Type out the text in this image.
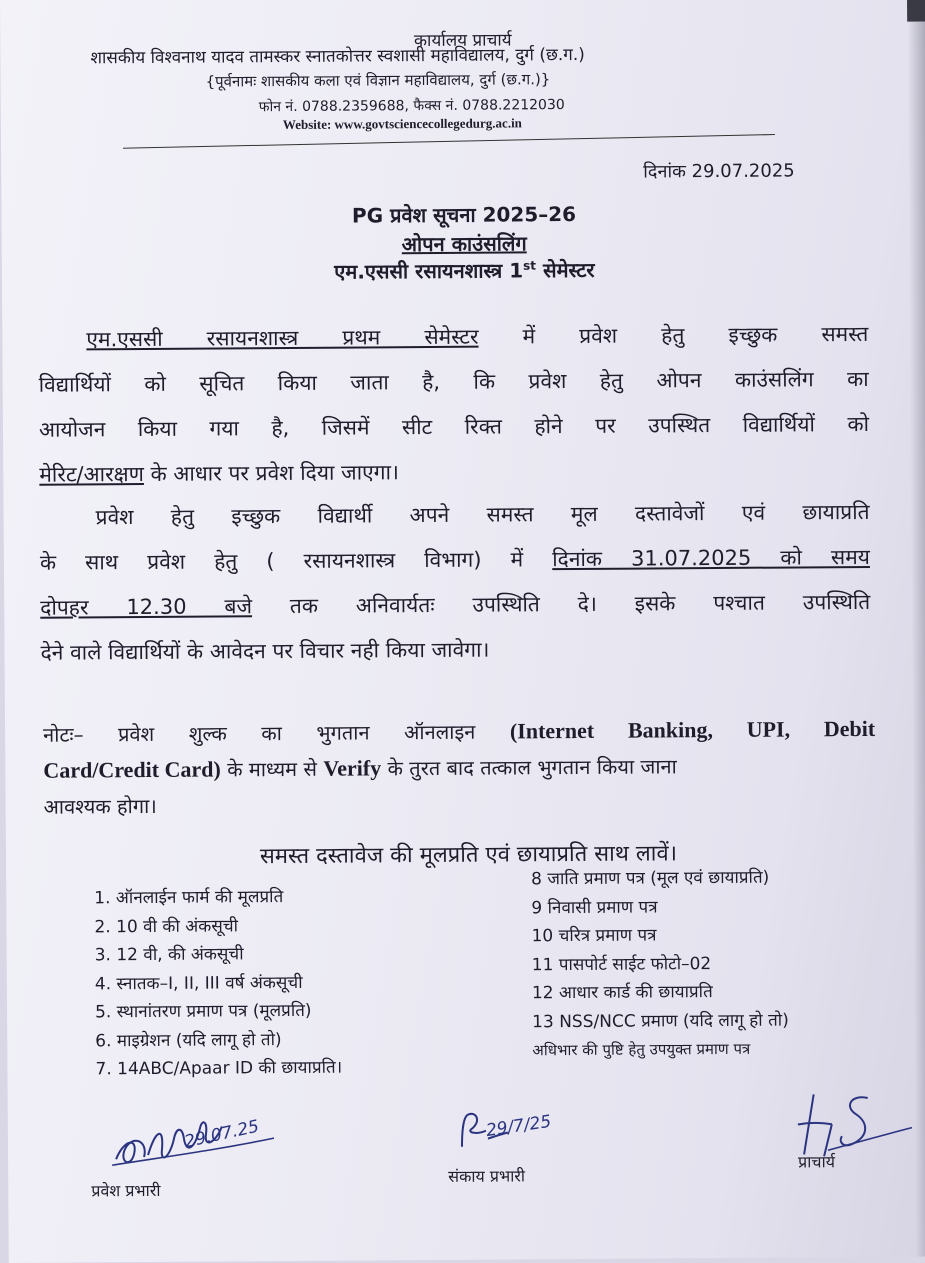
कार्यालय प्राचार्य
शासकीय विश्वनाथ यादव तामस्कर स्नातकोत्तर स्वशासी महाविद्यालय, दुर्ग (छ.ग.)
{पूर्वनामः शासकीय कला एवं विज्ञान महाविद्यालय, दुर्ग (छ.ग.)}
फोन नं. 0788.2359688, फैक्स नं. 0788.2212030
Website: www.govtsciencecollegedurg.ac.in
दिनांक 29.07.2025
PG प्रवेश सूचना 2025–26
ओपन काउंसलिंग
एम.एससी रसायनशास्त्र 1st सेमेस्टर
एम.एससी रसायनशास्त्र प्रथम सेमेस्टर में प्रवेश हेतु इच्छुक समस्त
विद्यार्थियों को सूचित किया जाता है, कि प्रवेश हेतु ओपन काउंसलिंग का
आयोजन किया गया है, जिसमें सीट रिक्त होने पर उपस्थित विद्यार्थियों को
मेरिट/आरक्षण के आधार पर प्रवेश दिया जाएगा।
प्रवेश हेतु इच्छुक विद्यार्थी अपने समस्त मूल दस्तावेजों एवं छायाप्रति
के साथ प्रवेश हेतु ( रसायनशास्त्र विभाग) में दिनांक 31.07.2025 को समय
दोपहर 12.30 बजे तक अनिवार्यतः उपस्थिति दे। इसके पश्चात उपस्थिति
देने वाले विद्यार्थियों के आवेदन पर विचार नही किया जावेगा।
नोटः– प्रवेश शुल्क का भुगतान ऑनलाइन (Internet Banking, UPI, Debit
Card/Credit Card) के माध्यम से Verify के तुरत बाद तत्काल भुगतान किया जाना
आवश्यक होगा।
समस्त दस्तावेज की मूलप्रति एवं छायाप्रति साथ लावें।
1. ऑनलाईन फार्म की मूलप्रति
2. 10 वी की अंकसूची
3. 12 वी, की अंकसूची
4. स्नातक–I, II, III वर्ष अंकसूची
5. स्थानांतरण प्रमाण पत्र (मूलप्रति)
6. माइग्रेशन (यदि लागू हो तो)
7. 14ABC/Apaar ID की छायाप्रति।
8 जाति प्रमाण पत्र (मूल एवं छायाप्रति)
9 निवासी प्रमाण पत्र
10 चरित्र प्रमाण पत्र
11 पासपोर्ट साईट फोटो–02
12 आधार कार्ड की छायाप्रति
13 NSS/NCC प्रमाण (यदि लागू हो तो)
अधिभार की पुष्टि हेतु उपयुक्त प्रमाण पत्र
29.07.25
प्रवेश प्रभारी
29/7/25
संकाय प्रभारी
प्राचार्य
